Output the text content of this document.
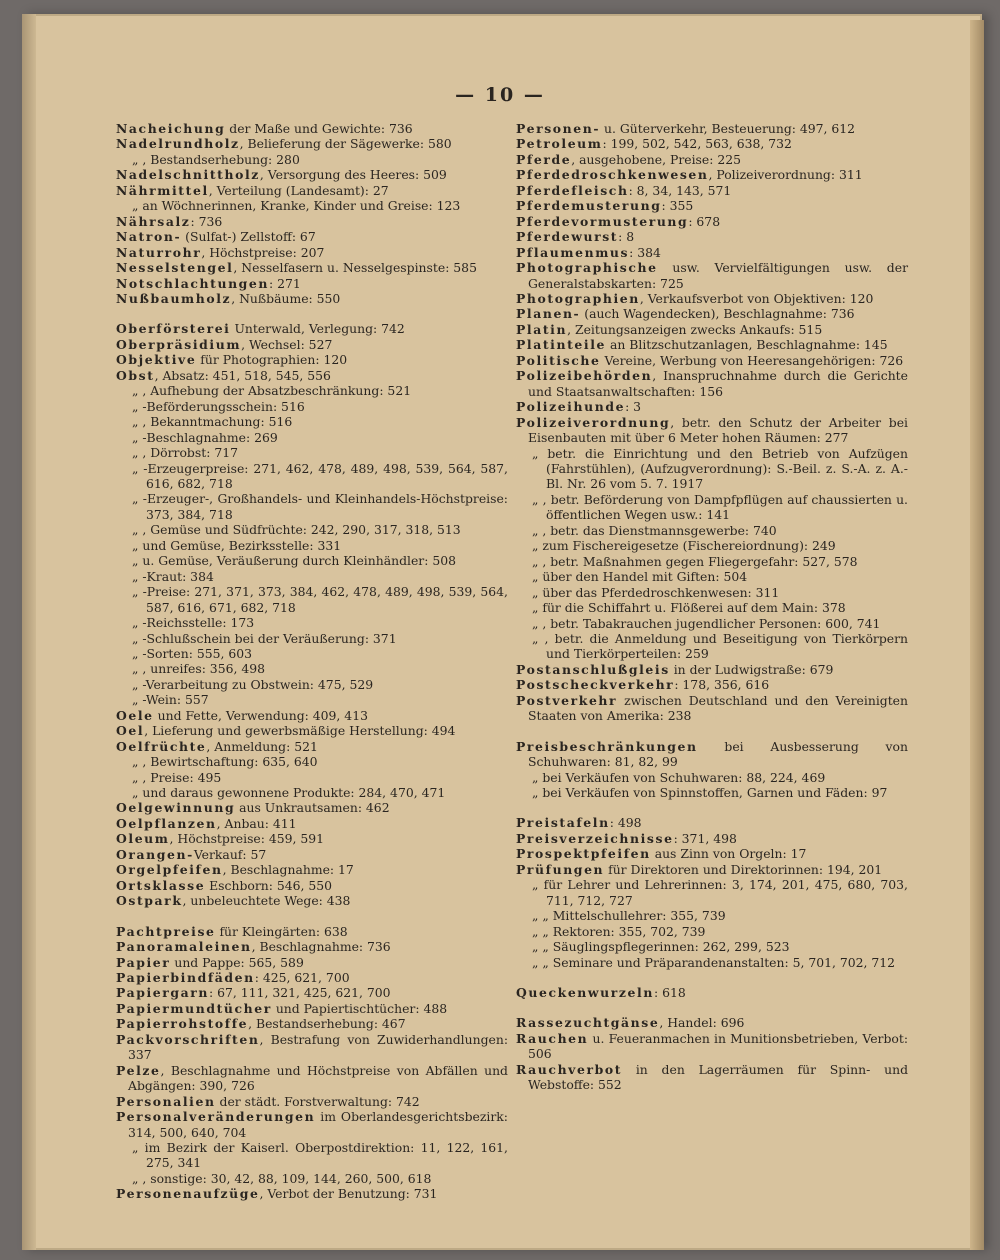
— 10 —

Nacheichung der Maße und Gewichte: 736

Nadelrundholz, Belieferung der Sägewerke: 580

„ , Bestandserhebung: 280

Nadelschnittholz, Versorgung des Heeres: 509

Nährmittel, Verteilung (Landesamt): 27

„ an Wöchnerinnen, Kranke, Kinder und Greise: 123

Nährsalz: 736

Natron- (Sulfat-) Zellstoff: 67

Naturrohr, Höchstpreise: 207

Nesselstengel, Nesselfasern u. Nesselgespinste: 585

Notschlachtungen: 271

Nußbaumholz, Nußbäume: 550

Oberförsterei Unterwald, Verlegung: 742

Oberpräsidium, Wechsel: 527

Objektive für Photographien: 120

Obst, Absatz: 451, 518, 545, 556

„ , Aufhebung der Absatzbeschränkung: 521

„ -Beförderungsschein: 516

„ , Bekanntmachung: 516

„ -Beschlagnahme: 269

„ , Dörrobst: 717

„ -Erzeugerpreise: 271, 462, 478, 489, 498, 539, 564, 587, 616, 682, 718

„ -Erzeuger-, Großhandels- und Kleinhandels-Höchstpreise: 373, 384, 718

„ , Gemüse und Südfrüchte: 242, 290, 317, 318, 513

„ und Gemüse, Bezirksstelle: 331

„ u. Gemüse, Veräußerung durch Kleinhändler: 508

„ -Kraut: 384

„ -Preise: 271, 371, 373, 384, 462, 478, 489, 498, 539, 564, 587, 616, 671, 682, 718

„ -Reichsstelle: 173

„ -Schlußschein bei der Veräußerung: 371

„ -Sorten: 555, 603

„ , unreifes: 356, 498

„ -Verarbeitung zu Obstwein: 475, 529

„ -Wein: 557

Oele und Fette, Verwendung: 409, 413

Oel, Lieferung und gewerbsmäßige Herstellung: 494

Oelfrüchte, Anmeldung: 521

„ , Bewirtschaftung: 635, 640

„ , Preise: 495

„ und daraus gewonnene Produkte: 284, 470, 471

Oelgewinnung aus Unkrautsamen: 462

Oelpflanzen, Anbau: 411

Oleum, Höchstpreise: 459, 591

Orangen-Verkauf: 57

Orgelpfeifen, Beschlagnahme: 17

Ortsklasse Eschborn: 546, 550

Ostpark, unbeleuchtete Wege: 438

Pachtpreise für Kleingärten: 638

Panoramaleinen, Beschlagnahme: 736

Papier und Pappe: 565, 589

Papierbindfäden: 425, 621, 700

Papiergarn: 67, 111, 321, 425, 621, 700

Papiermundtücher und Papiertischtücher: 488

Papierrohstoffe, Bestandserhebung: 467

Packvorschriften, Bestrafung von Zuwiderhandlungen: 337

Pelze, Beschlagnahme und Höchstpreise von Abfällen und Abgängen: 390, 726

Personalien der städt. Forstverwaltung: 742

Personalveränderungen im Oberlandesgerichtsbezirk: 314, 500, 640, 704

„ im Bezirk der Kaiserl. Oberpostdirektion: 11, 122, 161, 275, 341

„ , sonstige: 30, 42, 88, 109, 144, 260, 500, 618

Personenaufzüge, Verbot der Benutzung: 731

Personen- u. Güterverkehr, Besteuerung: 497, 612

Petroleum: 199, 502, 542, 563, 638, 732

Pferde, ausgehobene, Preise: 225

Pferdedroschkenwesen, Polizeiverordnung: 311

Pferdefleisch: 8, 34, 143, 571

Pferdemusterung: 355

Pferdevormusterung: 678

Pferdewurst: 8

Pflaumenmus: 384

Photographische usw. Vervielfältigungen usw. der Generalstabskarten: 725

Photographien, Verkaufsverbot von Objektiven: 120

Planen- (auch Wagendecken), Beschlagnahme: 736

Platin, Zeitungsanzeigen zwecks Ankaufs: 515

Platinteile an Blitzschutzanlagen, Beschlagnahme: 145

Politische Vereine, Werbung von Heeresangehörigen: 726

Polizeibehörden, Inanspruchnahme durch die Gerichte und Staatsanwaltschaften: 156

Polizeihunde: 3

Polizeiverordnung, betr. den Schutz der Arbeiter bei Eisenbauten mit über 6 Meter hohen Räumen: 277

„ betr. die Einrichtung und den Betrieb von Aufzügen (Fahrstühlen), (Aufzugverordnung): S.-Beil. z. S.-A. z. A.-Bl. Nr. 26 vom 5. 7. 1917

„ , betr. Beförderung von Dampfpflügen auf chaussierten u. öffentlichen Wegen usw.: 141

„ , betr. das Dienstmannsgewerbe: 740

„ zum Fischereigesetze (Fischereiordnung): 249

„ , betr. Maßnahmen gegen Fliegergefahr: 527, 578

„ über den Handel mit Giften: 504

„ über das Pferdedroschkenwesen: 311

„ für die Schiffahrt u. Flößerei auf dem Main: 378

„ , betr. Tabakrauchen jugendlicher Personen: 600, 741

„ , betr. die Anmeldung und Beseitigung von Tierkörpern und Tierkörperteilen: 259

Postanschlußgleis in der Ludwigstraße: 679

Postscheckverkehr: 178, 356, 616

Postverkehr zwischen Deutschland und den Vereinigten Staaten von Amerika: 238

Preisbeschränkungen bei Ausbesserung von Schuhwaren: 81, 82, 99

„ bei Verkäufen von Schuhwaren: 88, 224, 469

„ bei Verkäufen von Spinnstoffen, Garnen und Fäden: 97

Preistafeln: 498

Preisverzeichnisse: 371, 498

Prospektpfeifen aus Zinn von Orgeln: 17

Prüfungen für Direktoren und Direktorinnen: 194, 201

„ für Lehrer und Lehrerinnen: 3, 174, 201, 475, 680, 703, 711, 712, 727

„ „ Mittelschullehrer: 355, 739

„ „ Rektoren: 355, 702, 739

„ „ Säuglingspflegerinnen: 262, 299, 523

„ „ Seminare und Präparandenanstalten: 5, 701, 702, 712

Queckenwurzeln: 618

Rassezuchtgänse, Handel: 696

Rauchen u. Feueranmachen in Munitionsbetrieben, Verbot: 506

Rauchverbot in den Lagerräumen für Spinn- und Webstoffe: 552
